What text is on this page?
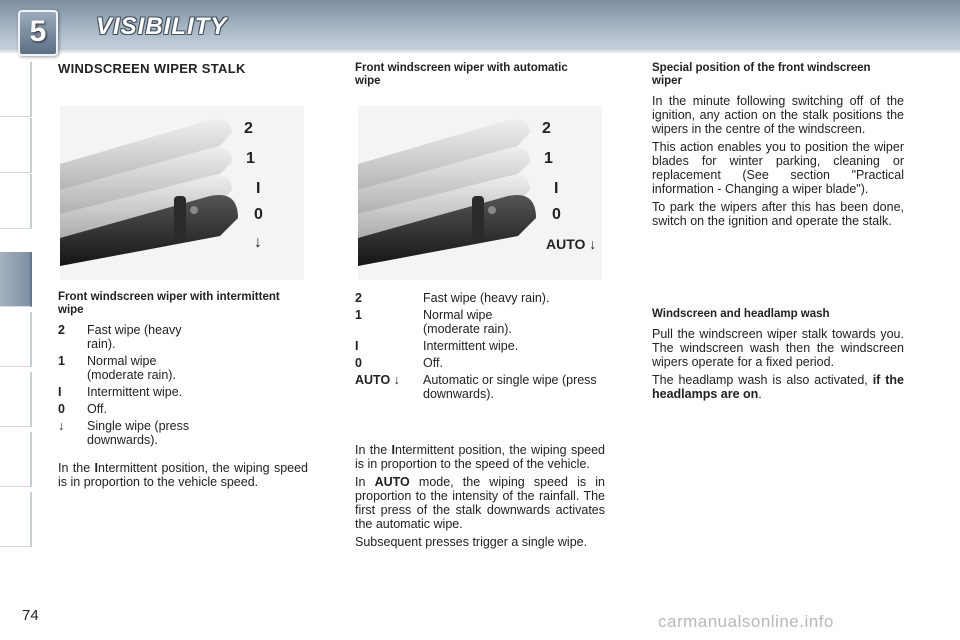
5	VISIBILITY
WINDSCREEN WIPER STALK
2
1
I
0
↓
Front windscreen wiper with intermittent wipe
2	Fast wipe (heavy rain).
1	Normal wipe (moderate rain).
I	Intermittent wipe.
0	Off.
↓	Single wipe (press downwards).

In the Intermittent position, the wiping speed is in proportion to the vehicle speed.

Front windscreen wiper with automatic wipe
2
1
I
0
AUTO ↓
2	Fast wipe (heavy rain).
1	Normal wipe (moderate rain).
I	Intermittent wipe.
0	Off.
AUTO ↓	Automatic or single wipe (press downwards).

In the Intermittent position, the wiping speed is in proportion to the speed of the vehicle.

In AUTO mode, the wiping speed is in proportion to the intensity of the rainfall. The first press of the stalk downwards activates the automatic wipe.

Subsequent presses trigger a single wipe.

Special position of the front windscreen wiper

In the minute following switching off of the ignition, any action on the stalk positions the wipers in the centre of the windscreen.

This action enables you to position the wiper blades for winter parking, cleaning or replacement (See section "Practical information - Changing a wiper blade").

To park the wipers after this has been done, switch on the ignition and operate the stalk.

Windscreen and headlamp wash

Pull the windscreen wiper stalk towards you. The windscreen wash then the windscreen wipers operate for a fixed period.

The headlamp wash is also activated, if the headlamps are on.

74	carmanualsonline.info
